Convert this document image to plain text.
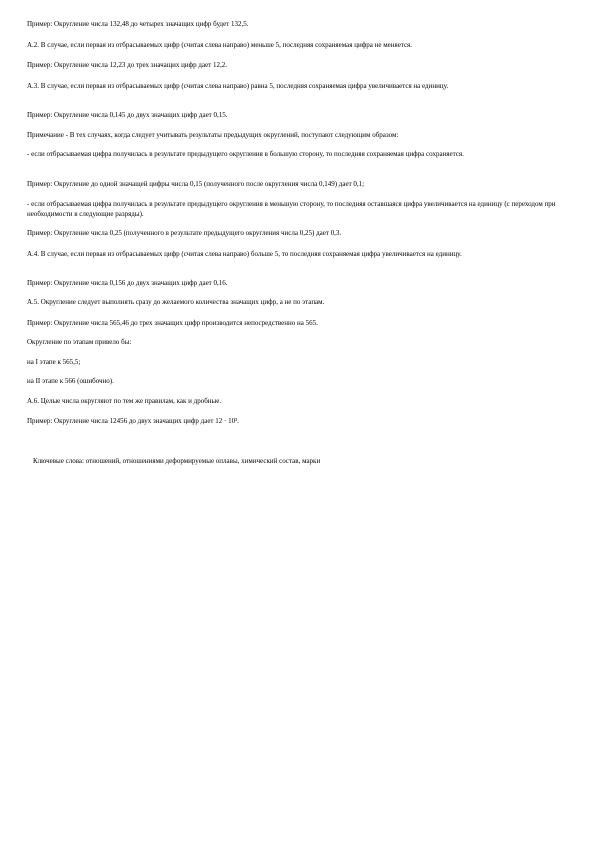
Пример: Округление числа 132,48 до четырех значащих цифр будет 132,5.

A.2. В случае, если первая из отбрасываемых цифр (считая слева направо) меньше 5, последняя сохраняемая цифра не меняется.

Пример: Округление числа 12,23 до трех значащих цифр дает 12,2.

A.3. В случае, если первая из отбрасываемых цифр (считая слева направо) равна 5, последняя сохраняемая цифра увеличивается на единицу.

Пример: Округление числа 0,145 до двух значащих цифр дает 0,15.

Примечание - В тех случаях, когда следует учитывать результаты предыдущих округлений, поступают следующим образом:

- если отбрасываемая цифра получилась в результате предыдущего округления в большую сторону, то последняя сохраняемая цифра сохраняется.

Пример: Округление до одной значащей цифры числа 0,15 (полученного после округления числа 0,149) дает 0,1;

- если отбрасываемая цифра получилась в результате предыдущего округления в меньшую сторону, то последняя оставшаяся цифра увеличивается на единицу (с переходом при необходимости в следующие разряды).

Пример: Округление числа 0,25 (полученного в результате предыдущего округления числа 0,25) дает 0,3.

A.4. В случае, если первая из отбрасываемых цифр (считая слева направо) больше 5, то последняя сохраняемая цифра увеличивается на единицу.

Пример: Округление числа 0,156 до двух значащих цифр дает 0,16.

A.5. Округление следует выполнять сразу до желаемого количества значащих цифр, а не по этапам.

Пример: Округление числа 565,46 до трех значащих цифр производится непосредственно на 565.

Округление по этапам привело бы:

на I этапе к 565,5;

на II этапе к 566 (ошибочно).

A.6. Целые числа округляют по тем же правилам, как и дробные.

Пример: Округление числа 12456 до двух значащих цифр дает 12 · 10³.

Ключевые слова: отношений, отношениями деформируемые оплавы, химический состав, марки
